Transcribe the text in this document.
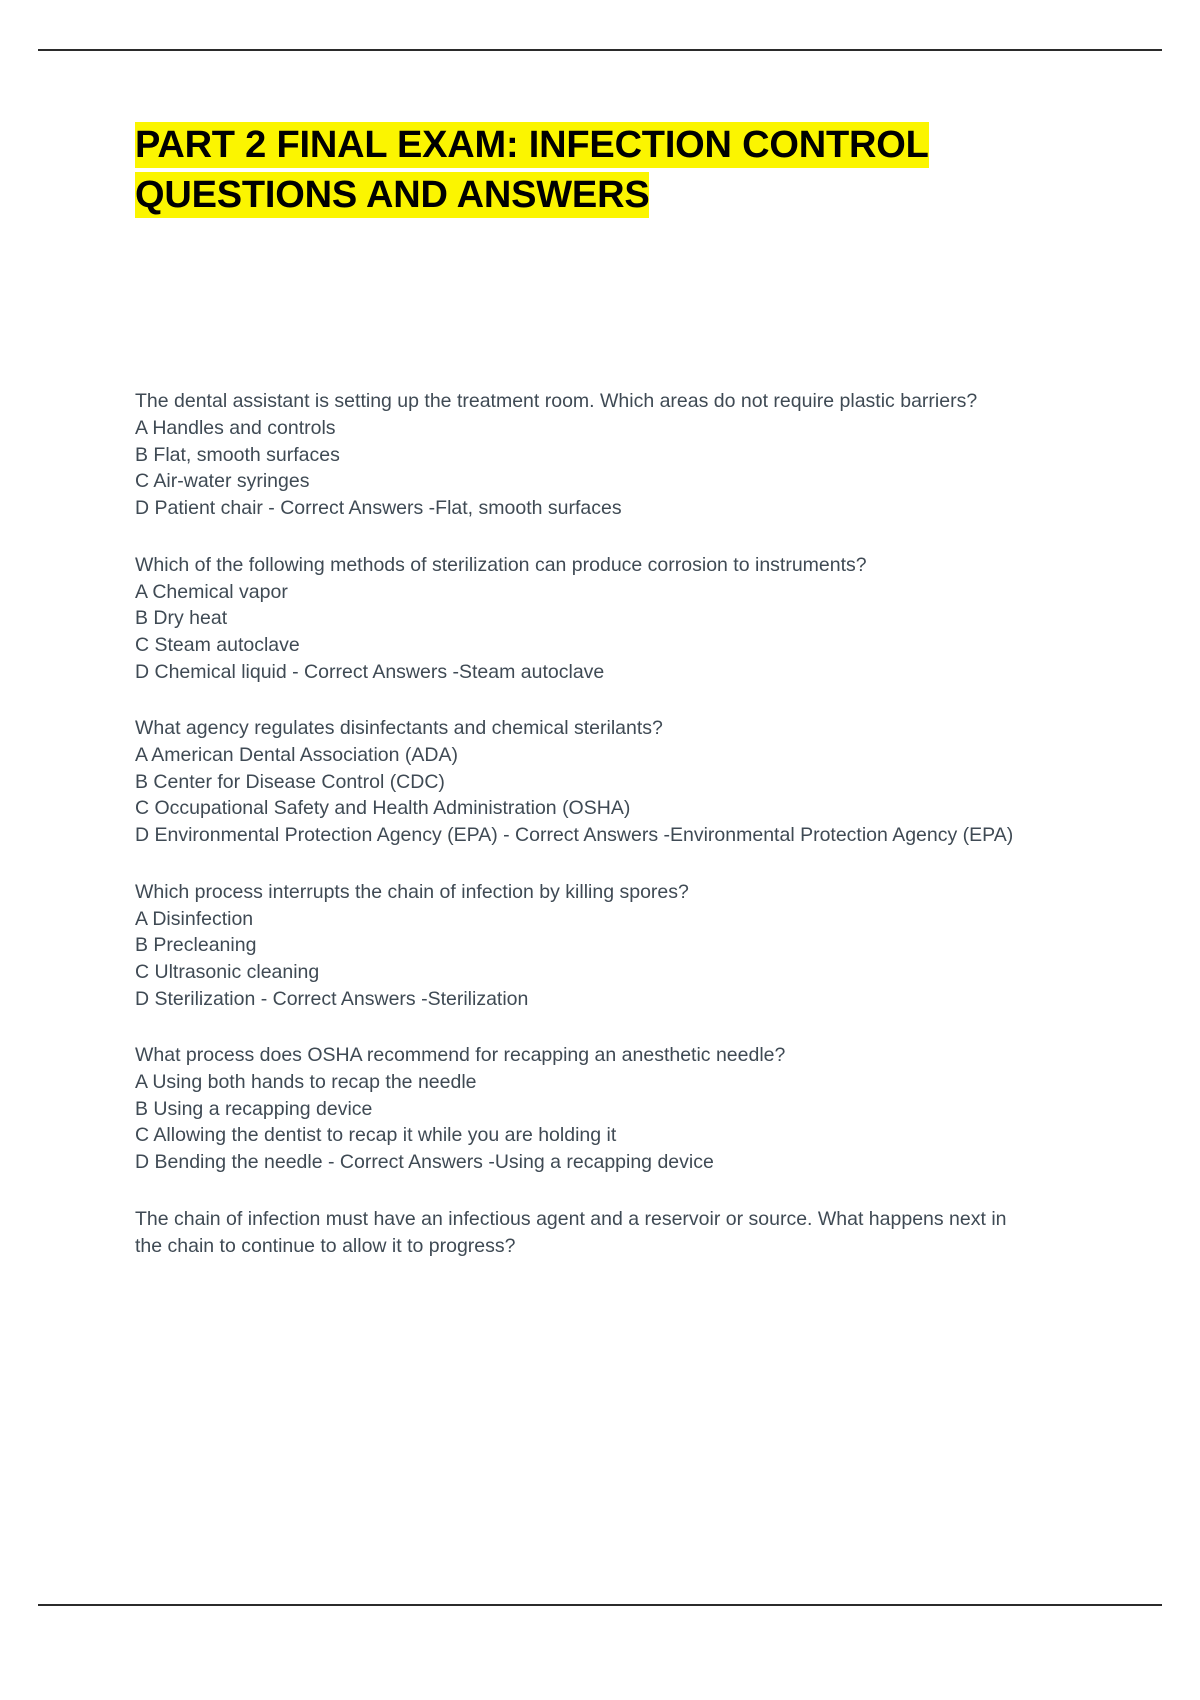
PART 2 FINAL EXAM: INFECTION CONTROL QUESTIONS AND ANSWERS

The dental assistant is setting up the treatment room. Which areas do not require plastic barriers?

A Handles and controls

B Flat, smooth surfaces

C Air-water syringes

D Patient chair - Correct Answers -Flat, smooth surfaces

Which of the following methods of sterilization can produce corrosion to instruments?

A Chemical vapor

B Dry heat

C Steam autoclave

D Chemical liquid - Correct Answers -Steam autoclave

What agency regulates disinfectants and chemical sterilants?

A American Dental Association (ADA)

B Center for Disease Control (CDC)

C Occupational Safety and Health Administration (OSHA)

D Environmental Protection Agency (EPA) - Correct Answers -Environmental Protection Agency (EPA)

Which process interrupts the chain of infection by killing spores?

A Disinfection

B Precleaning

C Ultrasonic cleaning

D Sterilization - Correct Answers -Sterilization

What process does OSHA recommend for recapping an anesthetic needle?

A Using both hands to recap the needle

B Using a recapping device

C Allowing the dentist to recap it while you are holding it

D Bending the needle - Correct Answers -Using a recapping device

The chain of infection must have an infectious agent and a reservoir or source. What happens next in the chain to continue to allow it to progress?
